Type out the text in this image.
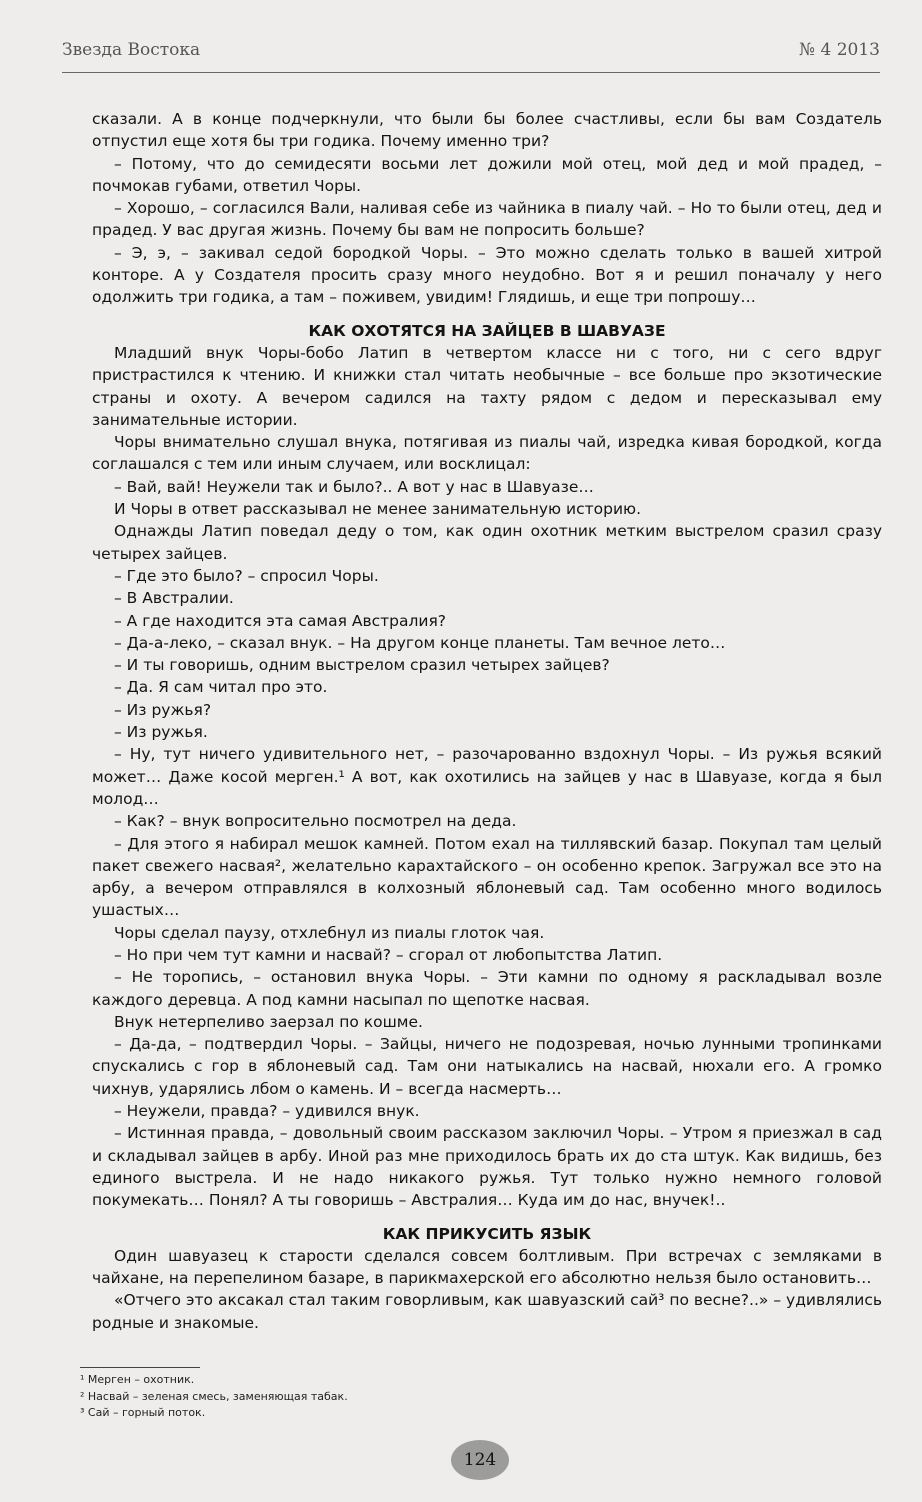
Звезда Востока	№ 4 2013

сказали. А в конце подчеркнули, что были бы более счастливы, если бы вам Создатель отпустил еще хотя бы три годика. Почему именно три?

– Потому, что до семидесяти восьми лет дожили мой отец, мой дед и мой прадед, – почмокав губами, ответил Чоры.

– Хорошо, – согласился Вали, наливая себе из чайника в пиалу чай. – Но то были отец, дед и прадед. У вас другая жизнь. Почему бы вам не попросить больше?

– Э, э, – закивал седой бородкой Чоры. – Это можно сделать только в вашей хитрой конторе. А у Создателя просить сразу много неудобно. Вот я и решил поначалу у него одолжить три годика, а там – поживем, увидим! Глядишь, и еще три попрошу…

КАК ОХОТЯТСЯ НА ЗАЙЦЕВ В ШАВУАЗЕ

Младший внук Чоры-бобо Латип в четвертом классе ни с того, ни с сего вдруг пристрастился к чтению. И книжки стал читать необычные – все больше про экзотические страны и охоту. А вечером садился на тахту рядом с дедом и пересказывал ему занимательные истории.

Чоры внимательно слушал внука, потягивая из пиалы чай, изредка кивая бородкой, когда соглашался с тем или иным случаем, или восклицал:

– Вай, вай! Неужели так и было?.. А вот у нас в Шавуазе…

И Чоры в ответ рассказывал не менее занимательную историю.

Однажды Латип поведал деду о том, как один охотник метким выстрелом сразил сразу четырех зайцев.

– Где это было? – спросил Чоры.

– В Австралии.

– А где находится эта самая Австралия?

– Да-а-леко, – сказал внук. – На другом конце планеты. Там вечное лето…

– И ты говоришь, одним выстрелом сразил четырех зайцев?

– Да. Я сам читал про это.

– Из ружья?

– Из ружья.

– Ну, тут ничего удивительного нет, – разочарованно вздохнул Чоры. – Из ружья всякий может… Даже косой мерген.¹ А вот, как охотились на зайцев у нас в Шавуазе, когда я был молод…

– Как? – внук вопросительно посмотрел на деда.

– Для этого я набирал мешок камней. Потом ехал на тиллявский базар. Покупал там целый пакет свежего насвая², желательно карахтайского – он особенно крепок. Загружал все это на арбу, а вечером отправлялся в колхозный яблоневый сад. Там особенно много водилось ушастых…

Чоры сделал паузу, отхлебнул из пиалы глоток чая.

– Но при чем тут камни и насвай? – сгорал от любопытства Латип.

– Не торопись, – остановил внука Чоры. – Эти камни по одному я раскладывал возле каждого деревца. А под камни насыпал по щепотке насвая.

Внук нетерпеливо заерзал по кошме.

– Да-да, – подтвердил Чоры. – Зайцы, ничего не подозревая, ночью лунными тропинками спускались с гор в яблоневый сад. Там они натыкались на насвай, нюхали его. А громко чихнув, ударялись лбом о камень. И – всегда насмерть…

– Неужели, правда? – удивился внук.

– Истинная правда, – довольный своим рассказом заключил Чоры. – Утром я приезжал в сад и складывал зайцев в арбу. Иной раз мне приходилось брать их до ста штук. Как видишь, без единого выстрела. И не надо никакого ружья. Тут только нужно немного головой покумекать… Понял? А ты говоришь – Австралия… Куда им до нас, внучек!..

КАК ПРИКУСИТЬ ЯЗЫК

Один шавуазец к старости сделался совсем болтливым. При встречах с земляками в чайхане, на перепелином базаре, в парикмахерской его абсолютно нельзя было остановить…

«Отчего это аксакал стал таким говорливым, как шавуазский сай³ по весне?..» – удивлялись родные и знакомые.

¹ Мерген – охотник.
² Насвай – зеленая смесь, заменяющая табак.
³ Сай – горный поток.
124
